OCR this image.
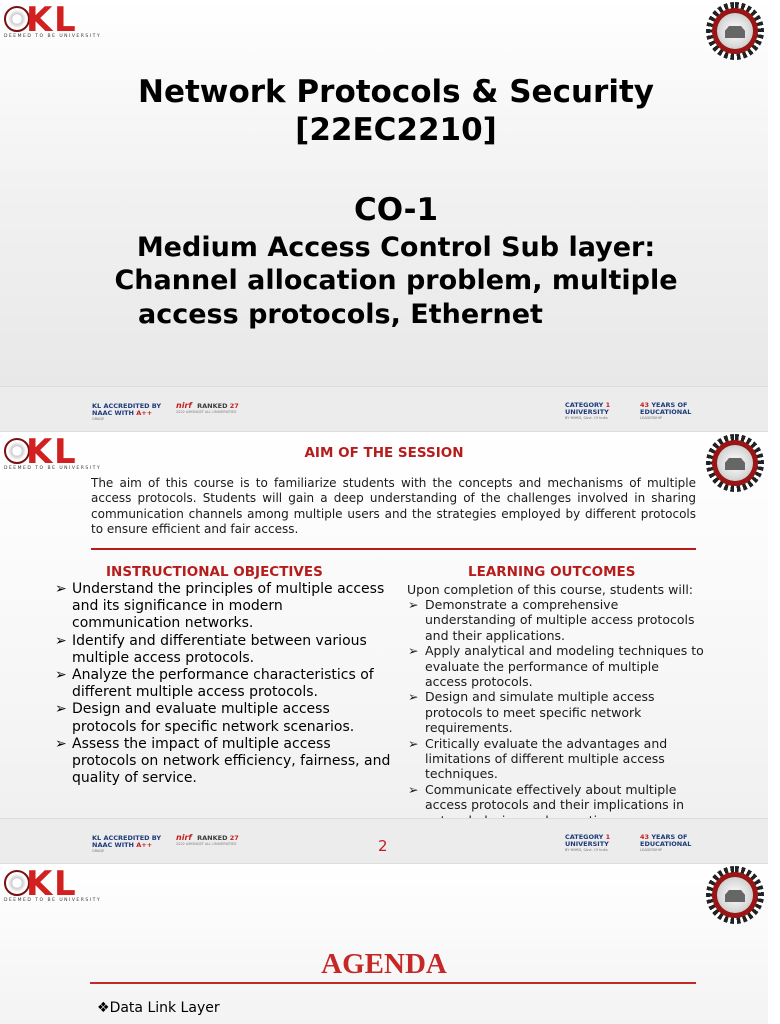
K L
DEEMED TO BE UNIVERSITY
Network Protocols & Security
[22EC2210]
CO-1
Medium Access Control Sub layer:
Channel allocation problem, multiple
access protocols, Ethernet
KL ACCREDITED BY
NAAC WITH A++
GRADE
nirf RANKED 27
2022 AMONGST ALL UNIVERSITIES
CATEGORY 1
UNIVERSITY
BY MHRD, Govt. Of India
43 YEARS OF
EDUCATIONAL
LEADERSHIP
K L
DEEMED TO BE UNIVERSITY
AIM OF THE SESSION
The aim of this course is to familiarize students with the concepts and mechanisms of multiple access protocols. Students will gain a deep understanding of the challenges involved in sharing communication channels among multiple users and the strategies employed by different protocols to ensure efficient and fair access.
INSTRUCTIONAL OBJECTIVES
➢ Understand the principles of multiple access and its significance in modern communication networks.
➢ Identify and differentiate between various multiple access protocols.
➢ Analyze the performance characteristics of different multiple access protocols.
➢ Design and evaluate multiple access protocols for specific network scenarios.
➢ Assess the impact of multiple access protocols on network efficiency, fairness, and quality of service.
LEARNING OUTCOMES
Upon completion of this course, students will:
➢ Demonstrate a comprehensive understanding of multiple access protocols and their applications.
➢ Apply analytical and modeling techniques to evaluate the performance of multiple access protocols.
➢ Design and simulate multiple access protocols to meet specific network requirements.
➢ Critically evaluate the advantages and limitations of different multiple access techniques.
➢ Communicate effectively about multiple access protocols and their implications in
KL ACCREDITED BY
NAAC WITH A++
GRADE
nirf RANKED 27
2022 AMONGST ALL UNIVERSITIES	2	CATEGORY 1
UNIVERSITY
BY MHRD, Govt. Of India
43 YEARS OF
EDUCATIONAL
LEADERSHIP
K L
DEEMED TO BE UNIVERSITY
AGENDA
❖Data Link Layer
